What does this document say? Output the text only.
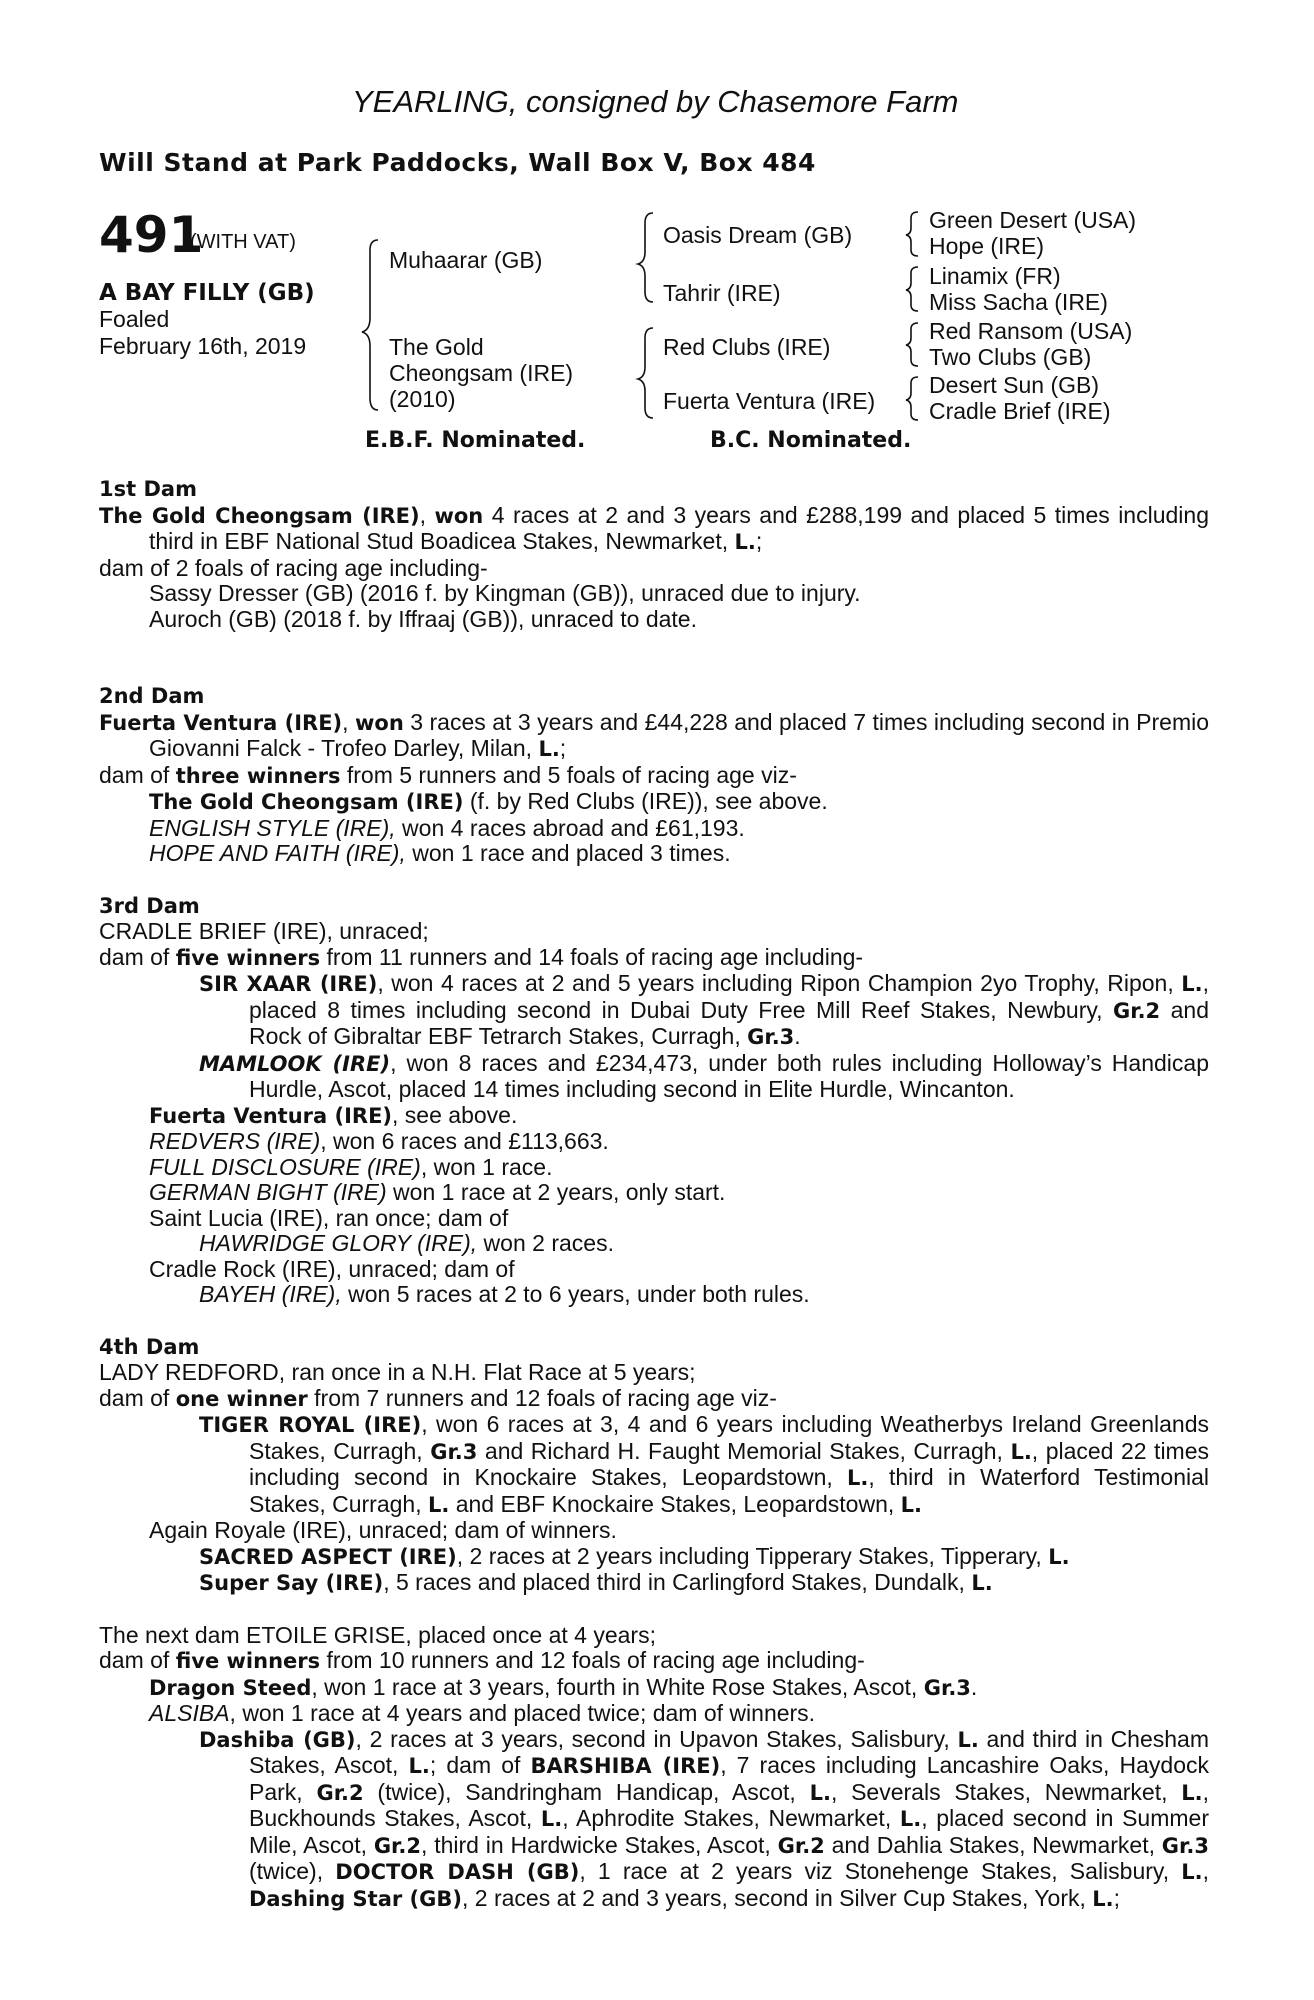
YEARLING, consigned by Chasemore Farm
Will Stand at Park Paddocks, Wall Box V, Box 484
491
(WITH VAT)
A BAY FILLY (GB)
Foaled
February 16th, 2019
Muhaarar (GB)
The Gold
Cheongsam (IRE)
(2010)
Oasis Dream (GB)
Tahrir (IRE)
Red Clubs (IRE)
Fuerta Ventura (IRE)
Green Desert (USA)
Hope (IRE)
Linamix (FR)
Miss Sacha (IRE)
Red Ransom (USA)
Two Clubs (GB)
Desert Sun (GB)
Cradle Brief (IRE)
E.B.F. Nominated.	B.C. Nominated.

1st Dam

The Gold Cheongsam (IRE), won 4 races at 2 and 3 years and £288,199 and placed 5 times including third in EBF National Stud Boadicea Stakes, Newmarket, L.;

dam of 2 foals of racing age including-

Sassy Dresser (GB) (2016 f. by Kingman (GB)), unraced due to injury.

Auroch (GB) (2018 f. by Iffraaj (GB)), unraced to date.

2nd Dam

Fuerta Ventura (IRE), won 3 races at 3 years and £44,228 and placed 7 times including second in Premio Giovanni Falck - Trofeo Darley, Milan, L.;

dam of three winners from 5 runners and 5 foals of racing age viz-

The Gold Cheongsam (IRE) (f. by Red Clubs (IRE)), see above.

ENGLISH STYLE (IRE), won 4 races abroad and £61,193.

HOPE AND FAITH (IRE), won 1 race and placed 3 times.

3rd Dam

CRADLE BRIEF (IRE), unraced;

dam of five winners from 11 runners and 14 foals of racing age including-

SIR XAAR (IRE), won 4 races at 2 and 5 years including Ripon Champion 2yo Trophy, Ripon, L., placed 8 times including second in Dubai Duty Free Mill Reef Stakes, Newbury, Gr.2 and Rock of Gibraltar EBF Tetrarch Stakes, Curragh, Gr.3.

MAMLOOK (IRE), won 8 races and £234,473, under both rules including Holloway’s Handicap Hurdle, Ascot, placed 14 times including second in Elite Hurdle, Wincanton.

Fuerta Ventura (IRE), see above.

REDVERS (IRE), won 6 races and £113,663.

FULL DISCLOSURE (IRE), won 1 race.

GERMAN BIGHT (IRE) won 1 race at 2 years, only start.

Saint Lucia (IRE), ran once; dam of

HAWRIDGE GLORY (IRE), won 2 races.

Cradle Rock (IRE), unraced; dam of

BAYEH (IRE), won 5 races at 2 to 6 years, under both rules.

4th Dam

LADY REDFORD, ran once in a N.H. Flat Race at 5 years;

dam of one winner from 7 runners and 12 foals of racing age viz-

TIGER ROYAL (IRE), won 6 races at 3, 4 and 6 years including Weatherbys Ireland Greenlands Stakes, Curragh, Gr.3 and Richard H. Faught Memorial Stakes, Curragh, L., placed 22 times including second in Knockaire Stakes, Leopardstown, L., third in Waterford Testimonial Stakes, Curragh, L. and EBF Knockaire Stakes, Leopardstown, L.

Again Royale (IRE), unraced; dam of winners.

SACRED ASPECT (IRE), 2 races at 2 years including Tipperary Stakes, Tipperary, L.

Super Say (IRE), 5 races and placed third in Carlingford Stakes, Dundalk, L.

The next dam ETOILE GRISE, placed once at 4 years;

dam of five winners from 10 runners and 12 foals of racing age including-

Dragon Steed, won 1 race at 3 years, fourth in White Rose Stakes, Ascot, Gr.3.

ALSIBA, won 1 race at 4 years and placed twice; dam of winners.

Dashiba (GB), 2 races at 3 years, second in Upavon Stakes, Salisbury, L. and third in Chesham Stakes, Ascot, L.; dam of BARSHIBA (IRE), 7 races including Lancashire Oaks, Haydock Park, Gr.2 (twice), Sandringham Handicap, Ascot, L., Severals Stakes, Newmarket, L., Buckhounds Stakes, Ascot, L., Aphrodite Stakes, Newmarket, L., placed second in Summer Mile, Ascot, Gr.2, third in Hardwicke Stakes, Ascot, Gr.2 and Dahlia Stakes, Newmarket, Gr.3 (twice), DOCTOR DASH (GB), 1 race at 2 years viz Stonehenge Stakes, Salisbury, L., Dashing Star (GB), 2 races at 2 and 3 years, second in Silver Cup Stakes, York, L.;
